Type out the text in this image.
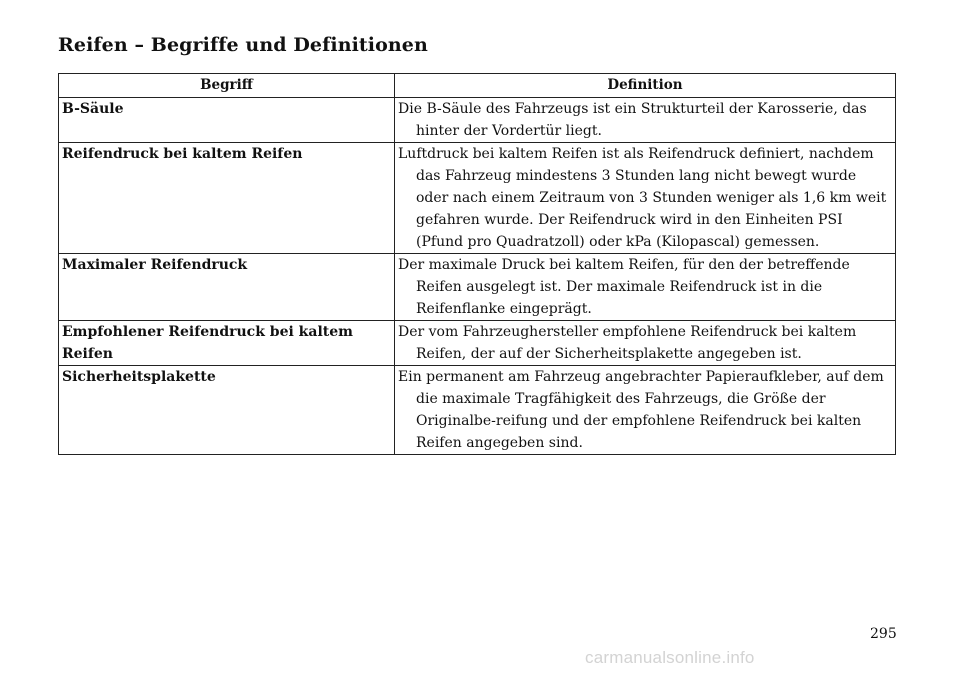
Reifen – Begriffe und Definitionen
Begriff	Definition
B-Säule	Die B-Säule des Fahrzeugs ist ein Strukturteil der Karosserie, das hinter der Vordertür liegt.

Reifendruck bei kaltem Reifen	Luftdruck bei kaltem Reifen ist als Reifendruck definiert, nachdem das Fahrzeug mindestens 3 Stunden lang nicht bewegt wurde oder nach einem Zeitraum von 3 Stunden weniger als 1,6 km weit gefahren wurde. Der Reifendruck wird in den Einheiten PSI (Pfund pro Quadratzoll) oder kPa (Kilopascal) gemessen.

Maximaler Reifendruck	Der maximale Druck bei kaltem Reifen, für den der betreffende Reifen ausgelegt ist. Der maximale Reifendruck ist in die Reifenflanke eingeprägt.

Empfohlener Reifendruck bei kaltem Reifen	Der vom Fahrzeughersteller empfohlene Reifendruck bei kaltem Reifen, der auf der Sicherheitsplakette angegeben ist.

Sicherheitsplakette	Ein permanent am Fahrzeug angebrachter Papieraufkleber, auf dem die maximale Tragfähigkeit des Fahrzeugs, die Größe der Originalbe-reifung und der empfohlene Reifendruck bei kalten Reifen angegeben sind.

295

carmanualsonline.info
